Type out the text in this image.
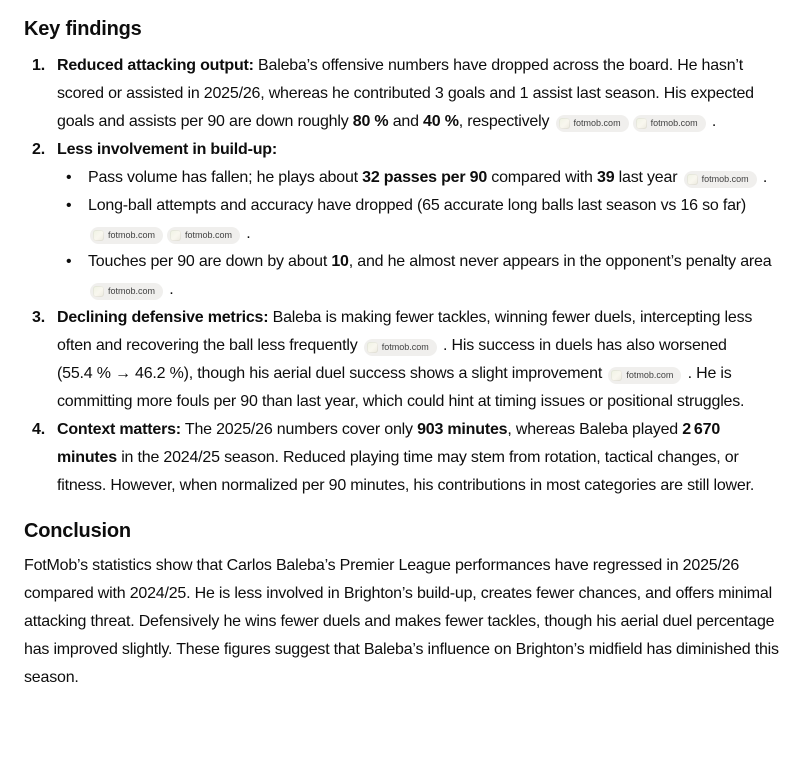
Key findings
1. Reduced attacking output: Baleba’s offensive numbers have dropped across the board. He hasn’t scored or assisted in 2025/26, whereas he contributed 3 goals and 1 assist last season. His expected goals and assists per 90 are down roughly 80 % and 40 %, respectively fotmob.com	fotmob.com .
2. Less involvement in build-up:
• Pass volume has fallen; he plays about 32 passes per 90 compared with 39 last year fotmob.com .
• Long-ball attempts and accuracy have dropped (65 accurate long balls last season vs 16 so far)
fotmob.com	fotmob.com .
• Touches per 90 are down by about 10, and he almost never appears in the opponent’s penalty area
fotmob.com .
3. Declining defensive metrics: Baleba is making fewer tackles, winning fewer duels, intercepting less often and recovering the ball less frequently fotmob.com . His success in duels has also worsened (55.4 % → 46.2 %), though his aerial duel success shows a slight improvement fotmob.com . He is committing more fouls per 90 than last year, which could hint at timing issues or positional struggles.
4. Context matters: The 2025/26 numbers cover only 903 minutes, whereas Baleba played 2 670 minutes in the 2024/25 season. Reduced playing time may stem from rotation, tactical changes, or fitness. However, when normalized per 90 minutes, his contributions in most categories are still lower.
Conclusion

FotMob’s statistics show that Carlos Baleba’s Premier League performances have regressed in 2025/26 compared with 2024/25. He is less involved in Brighton’s build-up, creates fewer chances, and offers minimal attacking threat. Defensively he wins fewer duels and makes fewer tackles, though his aerial duel percentage has improved slightly. These figures suggest that Baleba’s influence on Brighton’s midfield has diminished this season.
